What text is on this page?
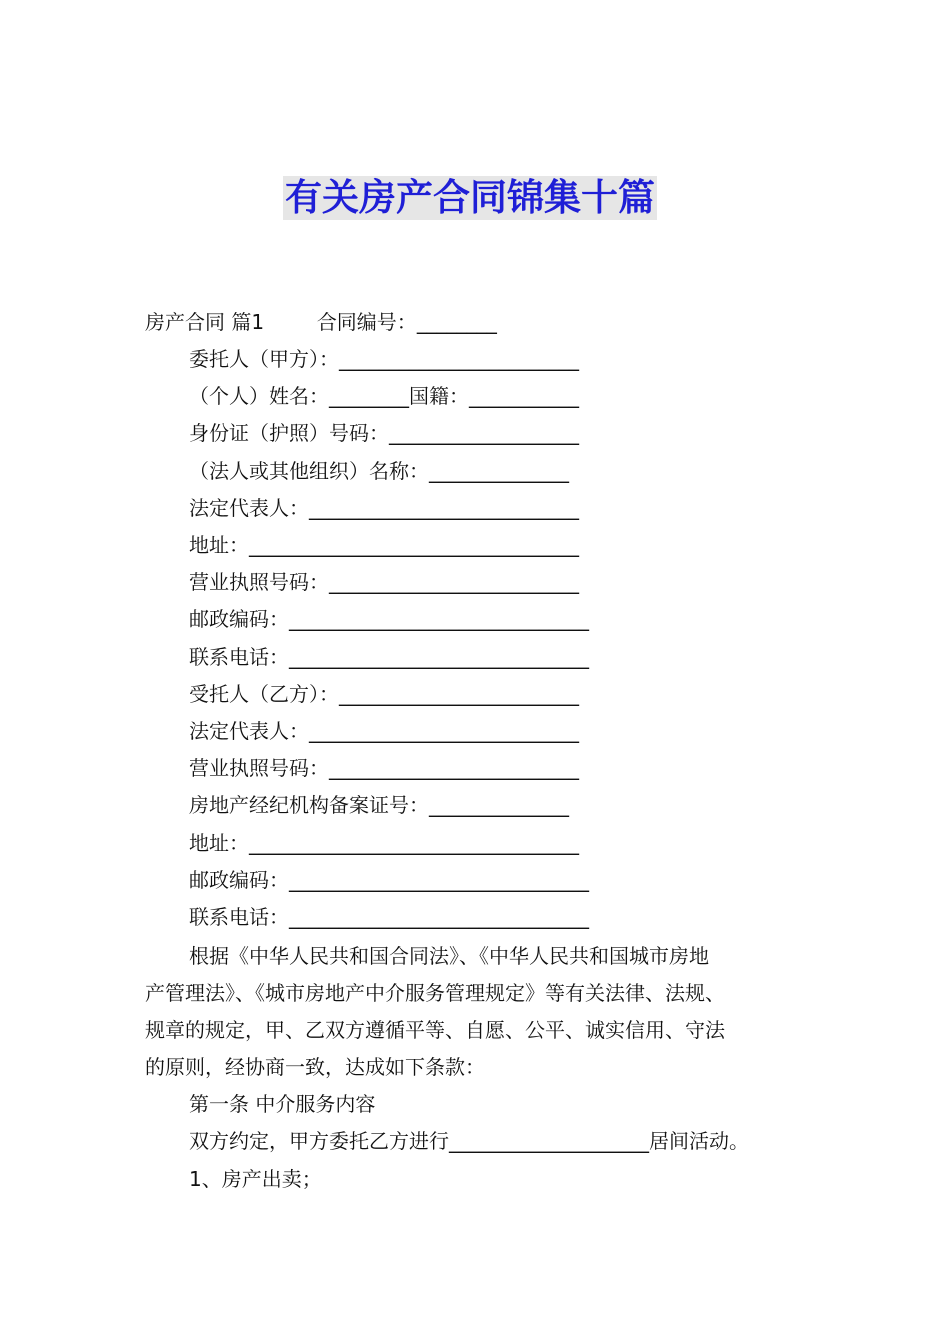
有关房产合同锦集十篇
房产合同 篇1	合同编号：________
委托人（甲方）：________________________
（个人）姓名：________国籍：___________
身份证（护照）号码：___________________
（法人或其他组织）名称：______________
法定代表人：___________________________
地址：_________________________________
营业执照号码：_________________________
邮政编码：______________________________
联系电话：______________________________
受托人（乙方）：________________________
法定代表人：___________________________
营业执照号码：_________________________
房地产经纪机构备案证号：______________
地址：_________________________________
邮政编码：______________________________
联系电话：______________________________
根据《中华人民共和国合同法》、《中华人民共和国城市房地
产管理法》、《城市房地产中介服务管理规定》等有关法律、法规、
规章的规定，甲、乙双方遵循平等、自愿、公平、诚实信用、守法
的原则，经协商一致，达成如下条款：
第一条 中介服务内容
双方约定，甲方委托乙方进行____________________居间活动。
1、房产出卖；
